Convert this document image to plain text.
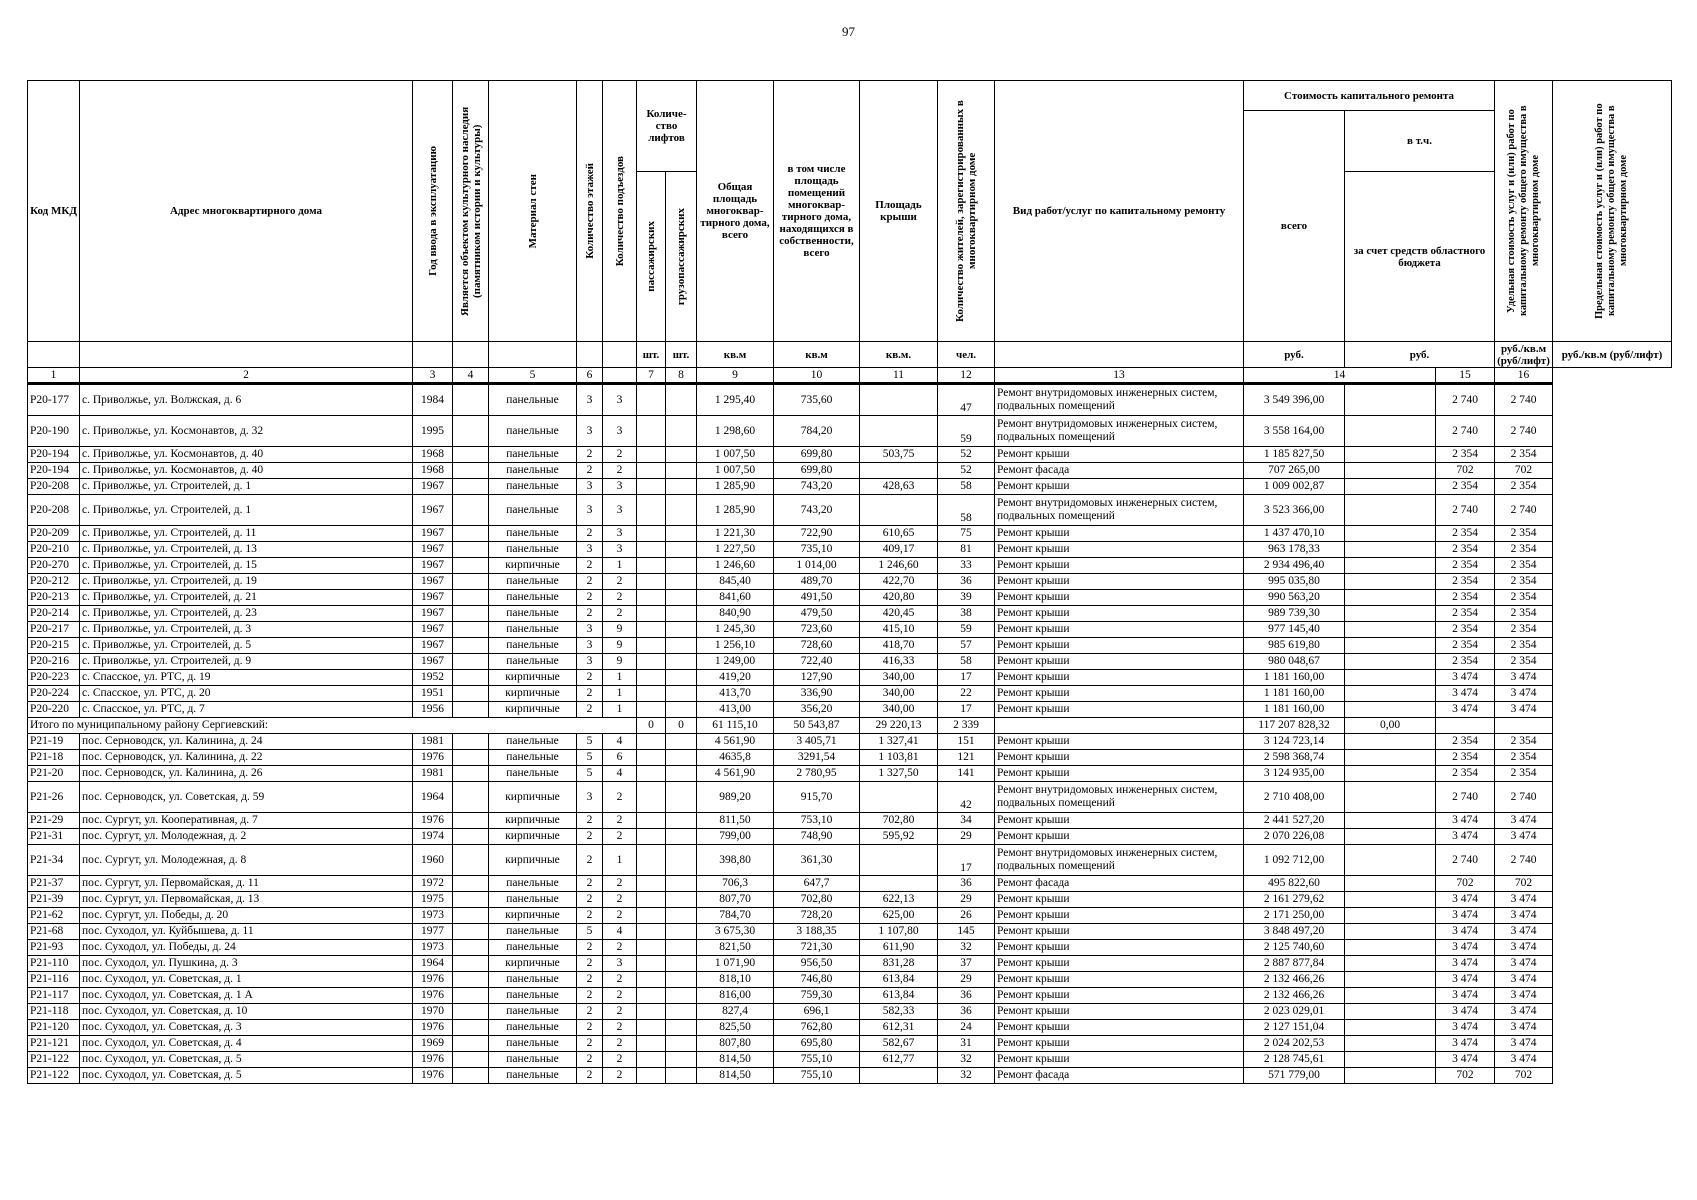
97
Код МКД	Адрес многоквартирного дома	Год ввода в эксплуатацию	Является объектом культурного наследия (памятником истории и культуры)	Материал стен	Количество этажей	Количество подъездов	Количе-ство лифтов		Общая площадь многоквар-тирного дома, всего	в том числе площадь помещений многоквар-тирного дома, находящихся в собственности, всего	Площадь крыши	Количество жителей, зарегистрированных в многоквартирном доме	Вид работ/услуг по капитальному ремонту	Стоимость капитального ремонта			Удельная стоимость услуг и (или) работ по капитальному ремонту общего имущества в многоквартирном доме	Предельная стоимость услуг и (или) работ по капитальному ремонту общего имущества в многоквартирном доме

														всего	в т.ч.			

							пассажирских	грузопассажирских							за счет средств областного бюджета			
							шт.	шт.	кв.м	кв.м	кв.м.	чел.		руб.	руб.		руб./кв.м (руб/лифт)	руб./кв.м (руб/лифт)
1	2	3	4	5	6		7	8	9	10	11	12	13	14		15	16	
Р20-177	с. Приволжье, ул. Волжская, д. 6	1984		панельные	3	3			1 295,40	735,60		47	Ремонт внутридомовых инженерных систем, подвальных помещений	3 549 396,00		2 740	2 740	
Р20-190	с. Приволжье, ул. Космонавтов, д. 32	1995		панельные	3	3			1 298,60	784,20		59	Ремонт внутридомовых инженерных систем, подвальных помещений	3 558 164,00		2 740	2 740	
Р20-194	с. Приволжье, ул. Космонавтов, д. 40	1968		панельные	2	2			1 007,50	699,80	503,75	52	Ремонт крыши	1 185 827,50		2 354	2 354	
Р20-194	с. Приволжье, ул. Космонавтов, д. 40	1968		панельные	2	2			1 007,50	699,80		52	Ремонт фасада	707 265,00		702	702	
Р20-208	с. Приволжье, ул. Строителей, д. 1	1967		панельные	3	3			1 285,90	743,20	428,63	58	Ремонт крыши	1 009 002,87		2 354	2 354	
Р20-208	с. Приволжье, ул. Строителей, д. 1	1967		панельные	3	3			1 285,90	743,20		58	Ремонт внутридомовых инженерных систем, подвальных помещений	3 523 366,00		2 740	2 740	
Р20-209	с. Приволжье, ул. Строителей, д. 11	1967		панельные	2	3			1 221,30	722,90	610,65	75	Ремонт крыши	1 437 470,10		2 354	2 354	
Р20-210	с. Приволжье, ул. Строителей, д. 13	1967		панельные	3	3			1 227,50	735,10	409,17	81	Ремонт крыши	963 178,33		2 354	2 354	
Р20-270	с. Приволжье, ул. Строителей, д. 15	1967		кирпичные	2	1			1 246,60	1 014,00	1 246,60	33	Ремонт крыши	2 934 496,40		2 354	2 354	
Р20-212	с. Приволжье, ул. Строителей, д. 19	1967		панельные	2	2			845,40	489,70	422,70	36	Ремонт крыши	995 035,80		2 354	2 354	
Р20-213	с. Приволжье, ул. Строителей, д. 21	1967		панельные	2	2			841,60	491,50	420,80	39	Ремонт крыши	990 563,20		2 354	2 354	
Р20-214	с. Приволжье, ул. Строителей, д. 23	1967		панельные	2	2			840,90	479,50	420,45	38	Ремонт крыши	989 739,30		2 354	2 354	
Р20-217	с. Приволжье, ул. Строителей, д. 3	1967		панельные	3	9			1 245,30	723,60	415,10	59	Ремонт крыши	977 145,40		2 354	2 354	
Р20-215	с. Приволжье, ул. Строителей, д. 5	1967		панельные	3	9			1 256,10	728,60	418,70	57	Ремонт крыши	985 619,80		2 354	2 354	
Р20-216	с. Приволжье, ул. Строителей, д. 9	1967		панельные	3	9			1 249,00	722,40	416,33	58	Ремонт крыши	980 048,67		2 354	2 354	
Р20-223	с. Спасское, ул. РТС, д. 19	1952		кирпичные	2	1			419,20	127,90	340,00	17	Ремонт крыши	1 181 160,00		3 474	3 474	
Р20-224	с. Спасское, ул. РТС, д. 20	1951		кирпичные	2	1			413,70	336,90	340,00	22	Ремонт крыши	1 181 160,00		3 474	3 474	
Р20-220	с. Спасское, ул. РТС, д. 7	1956		кирпичные	2	1			413,00	356,20	340,00	17	Ремонт крыши	1 181 160,00		3 474	3 474	
Итого по муниципальному району Сергиевский:							0	0	61 115,10	50 543,87	29 220,13	2 339		117 207 828,32	0,00			
Р21-19	пос. Серноводск, ул. Калинина, д. 24	1981		панельные	5	4			4 561,90	3 405,71	1 327,41	151	Ремонт крыши	3 124 723,14		2 354	2 354	
Р21-18	пос. Серноводск, ул. Калинина, д. 22	1976		панельные	5	6			4635,8	3291,54	1 103,81	121	Ремонт крыши	2 598 368,74		2 354	2 354	
Р21-20	пос. Серноводск, ул. Калинина, д. 26	1981		панельные	5	4			4 561,90	2 780,95	1 327,50	141	Ремонт крыши	3 124 935,00		2 354	2 354	
Р21-26	пос. Серноводск, ул. Советская, д. 59	1964		кирпичные	3	2			989,20	915,70		42	Ремонт внутридомовых инженерных систем, подвальных помещений	2 710 408,00		2 740	2 740	
Р21-29	пос. Сургут, ул. Кооперативная, д. 7	1976		кирпичные	2	2			811,50	753,10	702,80	34	Ремонт крыши	2 441 527,20		3 474	3 474	
Р21-31	пос. Сургут, ул. Молодежная, д. 2	1974		кирпичные	2	2			799,00	748,90	595,92	29	Ремонт крыши	2 070 226,08		3 474	3 474	
Р21-34	пос. Сургут, ул. Молодежная, д. 8	1960		кирпичные	2	1			398,80	361,30		17	Ремонт внутридомовых инженерных систем, подвальных помещений	1 092 712,00		2 740	2 740	
Р21-37	пос. Сургут, ул. Первомайская, д. 11	1972		панельные	2	2			706,3	647,7		36	Ремонт фасада	495 822,60		702	702	
Р21-39	пос. Сургут, ул. Первомайская, д. 13	1975		панельные	2	2			807,70	702,80	622,13	29	Ремонт крыши	2 161 279,62		3 474	3 474	
Р21-62	пос. Сургут, ул. Победы, д. 20	1973		кирпичные	2	2			784,70	728,20	625,00	26	Ремонт крыши	2 171 250,00		3 474	3 474	
Р21-68	пос. Суходол, ул. Куйбышева, д. 11	1977		панельные	5	4			3 675,30	3 188,35	1 107,80	145	Ремонт крыши	3 848 497,20		3 474	3 474	
Р21-93	пос. Суходол, ул. Победы, д. 24	1973		панельные	2	2			821,50	721,30	611,90	32	Ремонт крыши	2 125 740,60		3 474	3 474	
Р21-110	пос. Суходол, ул. Пушкина, д. 3	1964		кирпичные	2	3			1 071,90	956,50	831,28	37	Ремонт крыши	2 887 877,84		3 474	3 474	
Р21-116	пос. Суходол, ул. Советская, д. 1	1976		панельные	2	2			818,10	746,80	613,84	29	Ремонт крыши	2 132 466,26		3 474	3 474	
Р21-117	пос. Суходол, ул. Советская, д. 1 А	1976		панельные	2	2			816,00	759,30	613,84	36	Ремонт крыши	2 132 466,26		3 474	3 474	
Р21-118	пос. Суходол, ул. Советская, д. 10	1970		панельные	2	2			827,4	696,1	582,33	36	Ремонт крыши	2 023 029,01		3 474	3 474	
Р21-120	пос. Суходол, ул. Советская, д. 3	1976		панельные	2	2			825,50	762,80	612,31	24	Ремонт крыши	2 127 151,04		3 474	3 474	
Р21-121	пос. Суходол, ул. Советская, д. 4	1969		панельные	2	2			807,80	695,80	582,67	31	Ремонт крыши	2 024 202,53		3 474	3 474	
Р21-122	пос. Суходол, ул. Советская, д. 5	1976		панельные	2	2			814,50	755,10	612,77	32	Ремонт крыши	2 128 745,61		3 474	3 474	
Р21-122	пос. Суходол, ул. Советская, д. 5	1976		панельные	2	2			814,50	755,10		32	Ремонт фасада	571 779,00		702	702	
